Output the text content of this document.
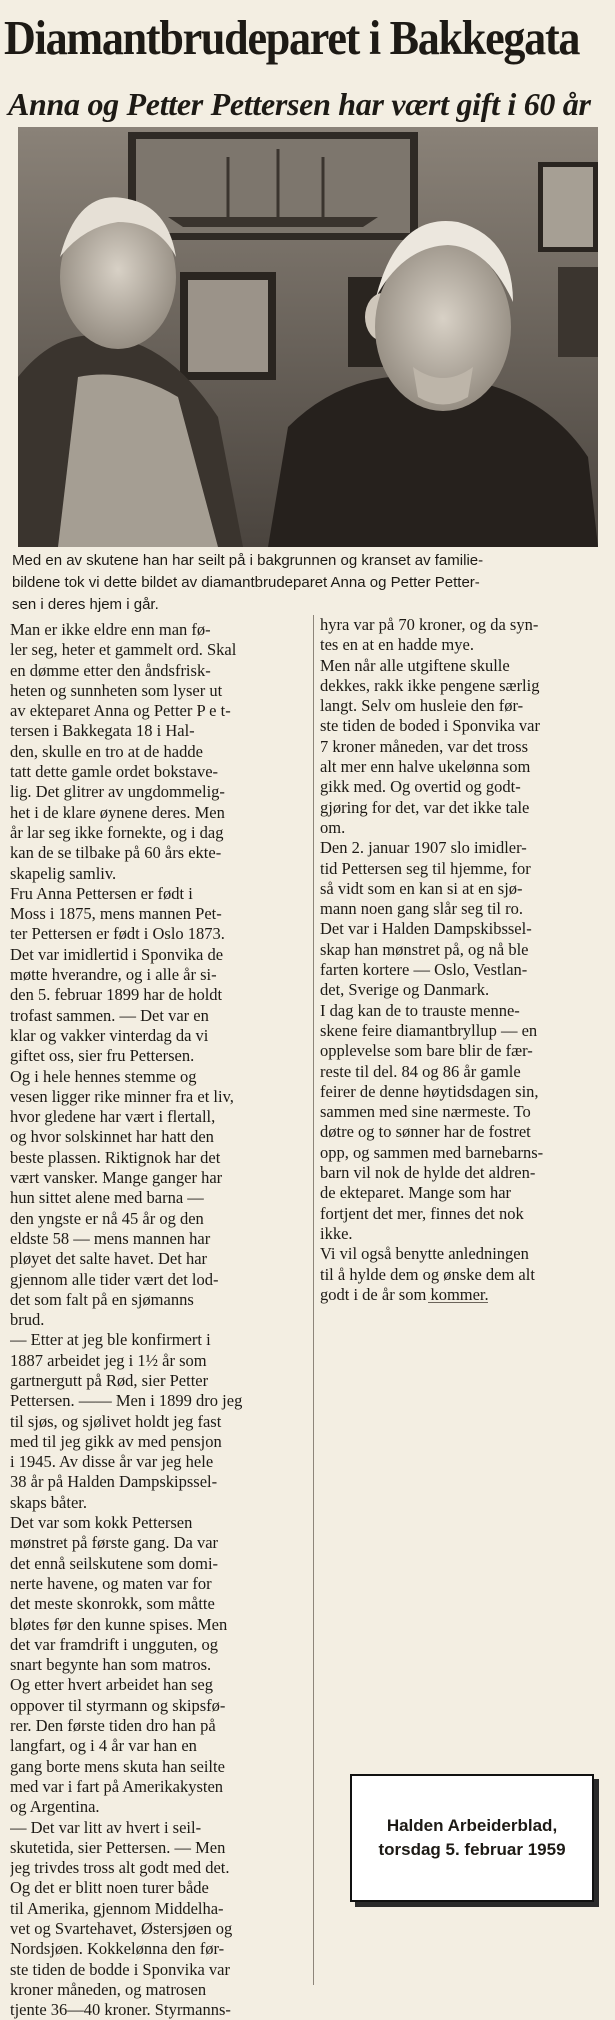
Diamantbrudeparet i Bakkegata
Anna og Petter Pettersen har vært gift i 60 år

Med en av skutene han har seilt på i bakgrunnen og kranset av familie-
bildene tok vi dette bildet av diamantbrudeparet Anna og Petter Petter-
sen i deres hjem i går.

Man er ikke eldre enn man fø-
ler seg, heter et gammelt ord. Skal
en dømme etter den åndsfrisk-
heten og sunnheten som lyser ut
av ekteparet Anna og Petter P e t-
tersen i Bakkegata 18 i Hal-
den, skulle en tro at de hadde
tatt dette gamle ordet bokstave-
lig. Det glitrer av ungdommelig-
het i de klare øynene deres. Men
år lar seg ikke fornekte, og i dag
kan de se tilbake på 60 års ekte-
skapelig samliv.
Fru Anna Pettersen er født i
Moss i 1875, mens mannen Pet-
ter Pettersen er født i Oslo 1873.
Det var imidlertid i Sponvika de
møtte hverandre, og i alle år si-
den 5. februar 1899 har de holdt
trofast sammen. — Det var en
klar og vakker vinterdag da vi
giftet oss, sier fru Pettersen.
Og i hele hennes stemme og
vesen ligger rike minner fra et liv,
hvor gledene har vært i flertall,
og hvor solskinnet har hatt den
beste plassen. Riktignok har det
vært vansker. Mange ganger har
hun sittet alene med barna —
den yngste er nå 45 år og den
eldste 58 — mens mannen har
pløyet det salte havet. Det har
gjennom alle tider vært det lod-
det som falt på en sjømanns
brud.
— Etter at jeg ble konfirmert i
1887 arbeidet jeg i 1½ år som
gartnergutt på Rød, sier Petter
Pettersen. —— Men i 1899 dro jeg
til sjøs, og sjølivet holdt jeg fast
med til jeg gikk av med pensjon
i 1945. Av disse år var jeg hele
38 år på Halden Dampskipssel-
skaps båter.
Det var som kokk Pettersen
mønstret på første gang. Da var
det ennå seilskutene som domi-
nerte havene, og maten var for
det meste skonrokk, som måtte
bløtes før den kunne spises. Men
det var framdrift i ungguten, og
snart begynte han som matros.
Og etter hvert arbeidet han seg
oppover til styrmann og skipsfø-
rer. Den første tiden dro han på
langfart, og i 4 år var han en
gang borte mens skuta han seilte
med var i fart på Amerikakysten
og Argentina.
— Det var litt av hvert i seil-
skutetida, sier Pettersen. — Men
jeg trivdes tross alt godt med det.
Og det er blitt noen turer både
til Amerika, gjennom Middelha-
vet og Svartehavet, Østersjøen og
Nordsjøen. Kokkelønna den før-
ste tiden de bodde i Sponvika var
kroner måneden, og matrosen
tjente 36—40 kroner. Styrmanns-
hyra var på 70 kroner, og da syn-
tes en at en hadde mye.
Men når alle utgiftene skulle
dekkes, rakk ikke pengene særlig
langt. Selv om husleie den før-
ste tiden de boded i Sponvika var
7 kroner måneden, var det tross
alt mer enn halve ukelønna som
gikk med. Og overtid og godt-
gjøring for det, var det ikke tale
om.
Den 2. januar 1907 slo imidler-
tid Pettersen seg til hjemme, for
så vidt som en kan si at en sjø-
mann noen gang slår seg til ro.
Det var i Halden Dampskibssel-
skap han mønstret på, og nå ble
farten kortere — Oslo, Vestlan-
det, Sverige og Danmark.
I dag kan de to trauste menne-
skene feire diamantbryllup — en
opplevelse som bare blir de fær-
reste til del. 84 og 86 år gamle
feirer de denne høytidsdagen sin,
sammen med sine nærmeste. To
døtre og to sønner har de fostret
opp, og sammen med barnebarns-
barn vil nok de hylde det aldren-
de ekteparet. Mange som har
fortjent det mer, finnes det nok
ikke.
Vi vil også benytte anledningen
til å hylde dem og ønske dem alt
godt i de år som kommer.
Halden Arbeiderblad,
torsdag 5. februar 1959
